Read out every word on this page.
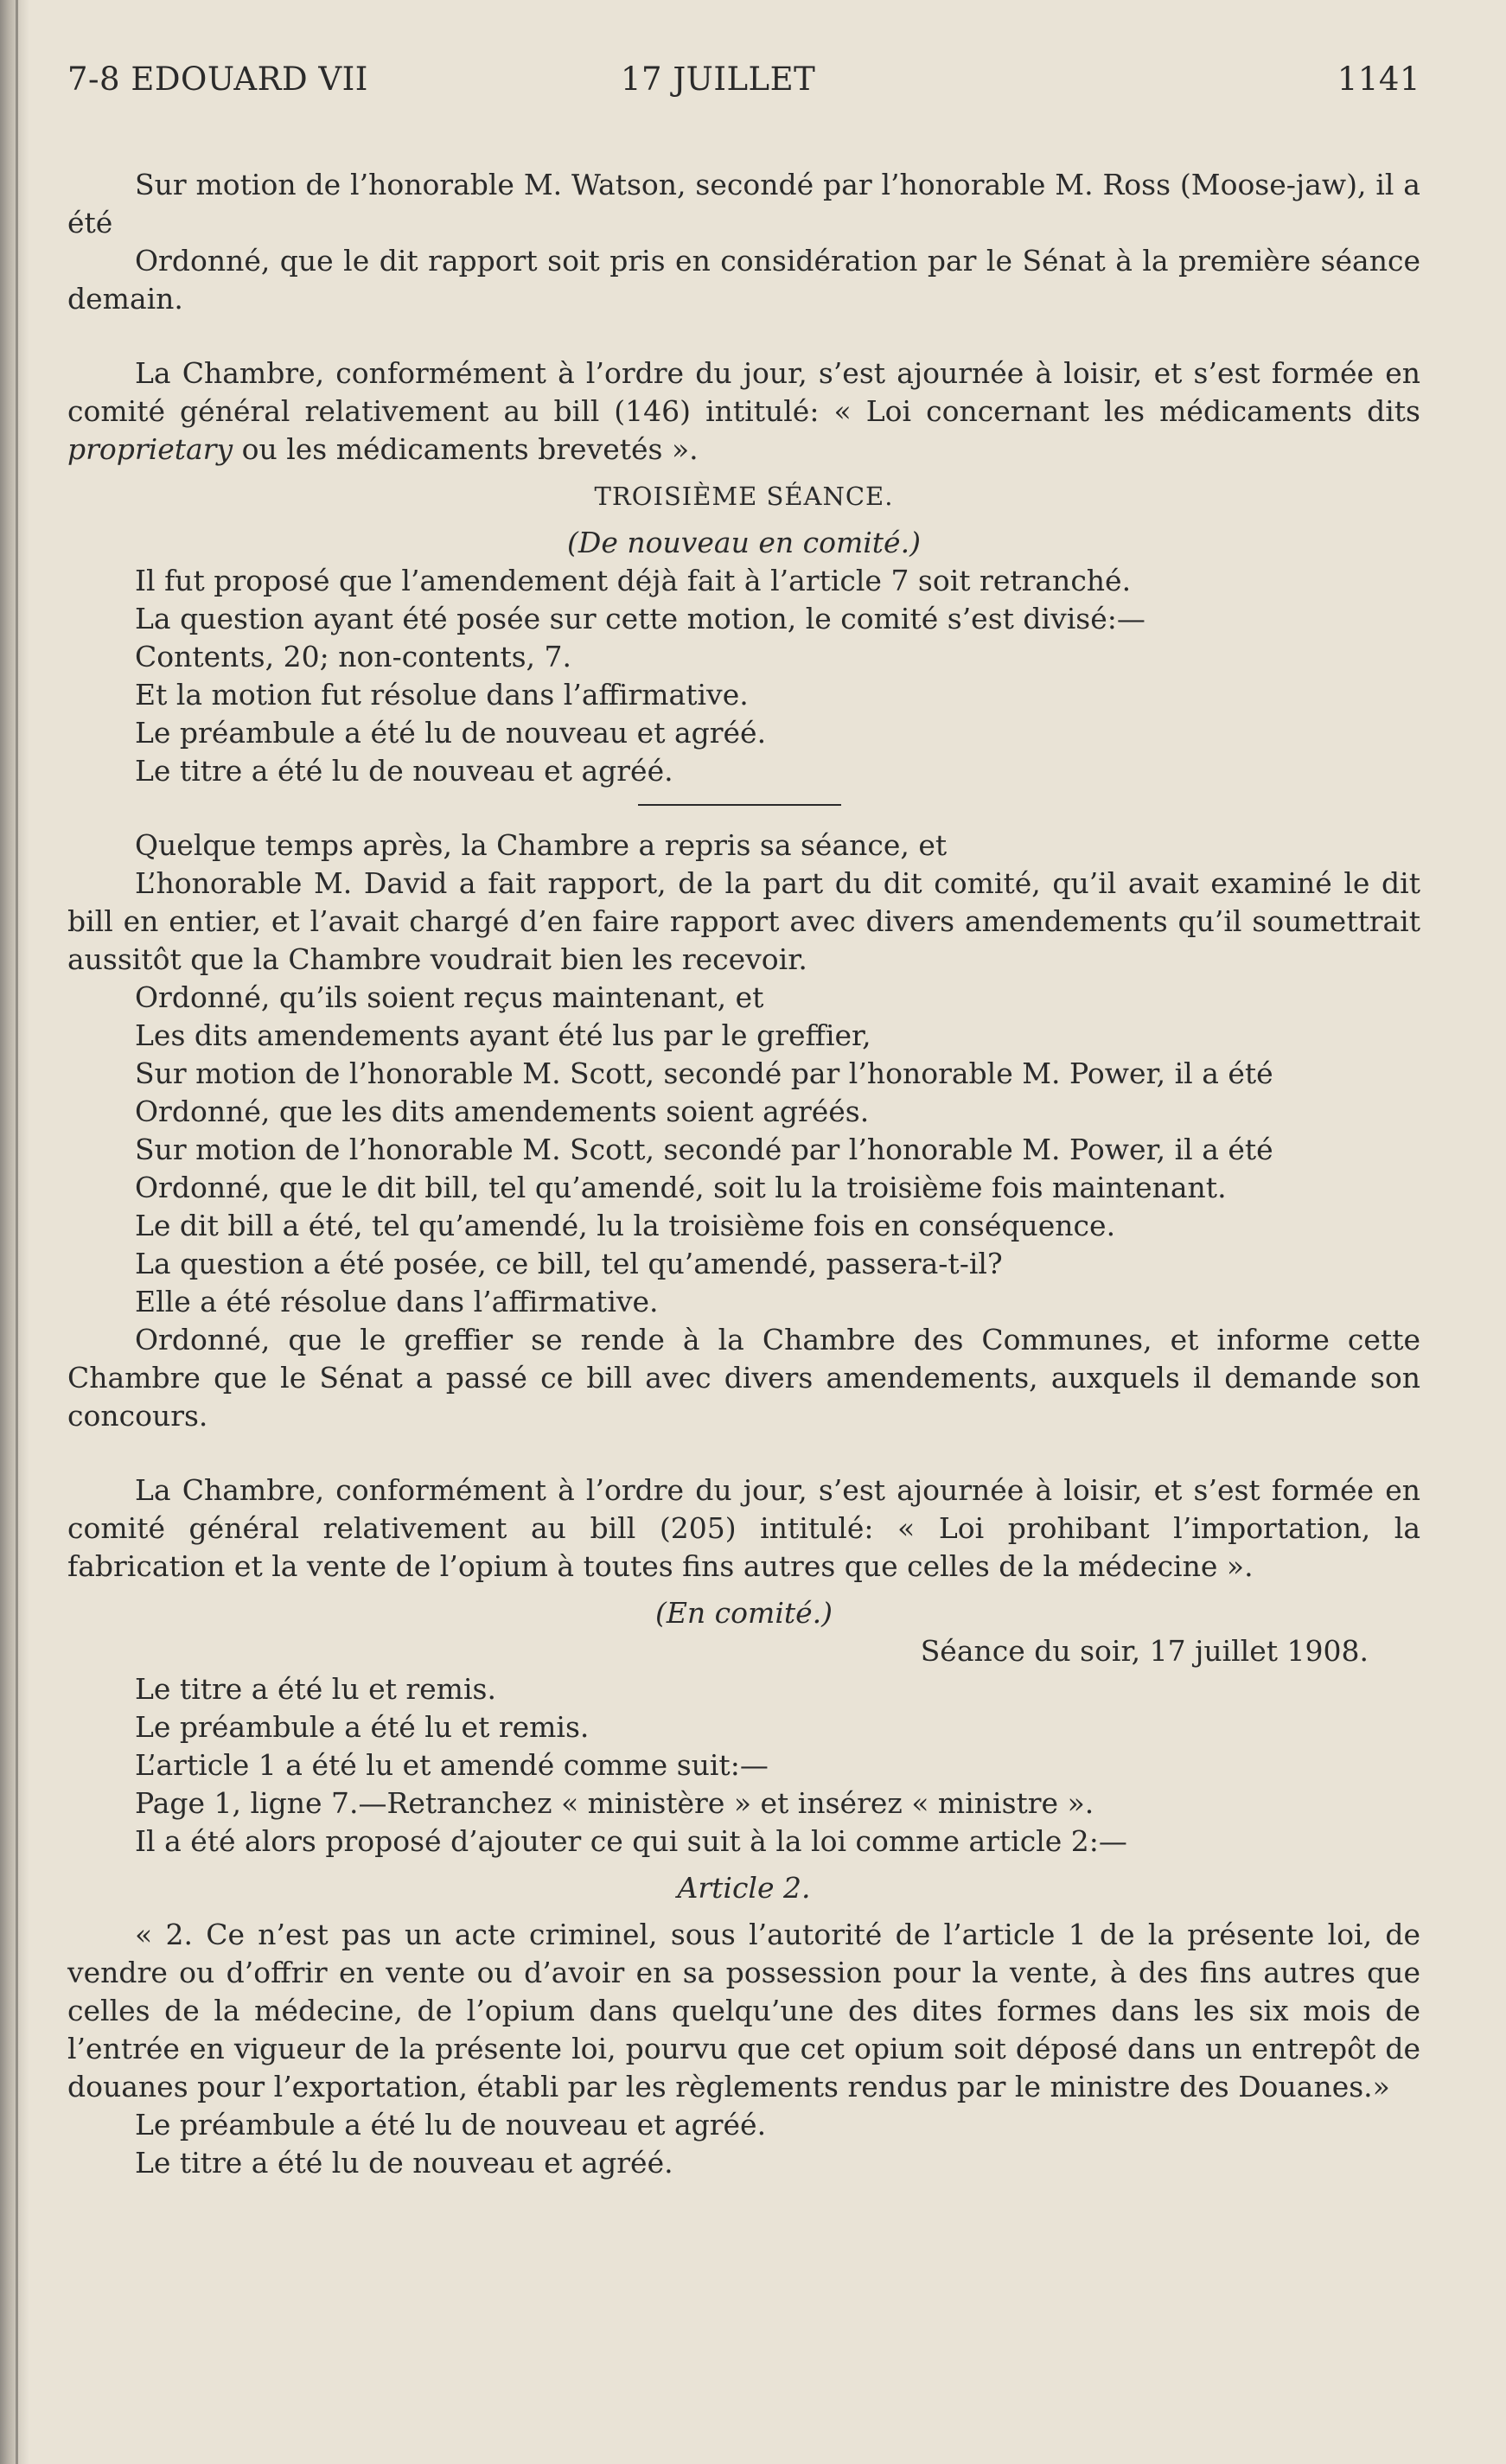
7-8 EDOUARD VII	17 JUILLET	1141

Sur motion de l’honorable M. Watson, secondé par l’honorable M. Ross (Moose-jaw), il a été

Ordonné, que le dit rapport soit pris en considération par le Sénat à la première séance demain.

La Chambre, conformément à l’ordre du jour, s’est ajournée à loisir, et s’est formée en comité général relativement au bill (146) intitulé: « Loi concernant les médicaments dits proprietary ou les médicaments brevetés ».

TROISIÈME SÉANCE.

(De nouveau en comité.)

Il fut proposé que l’amendement déjà fait à l’article 7 soit retranché.

La question ayant été posée sur cette motion, le comité s’est divisé:—

Contents, 20; non-contents, 7.

Et la motion fut résolue dans l’affirmative.

Le préambule a été lu de nouveau et agréé.

Le titre a été lu de nouveau et agréé.

Quelque temps après, la Chambre a repris sa séance, et

L’honorable M. David a fait rapport, de la part du dit comité, qu’il avait examiné le dit bill en entier, et l’avait chargé d’en faire rapport avec divers amendements qu’il soumettrait aussitôt que la Chambre voudrait bien les recevoir.

Ordonné, qu’ils soient reçus maintenant, et

Les dits amendements ayant été lus par le greffier,

Sur motion de l’honorable M. Scott, secondé par l’honorable M. Power, il a été

Ordonné, que les dits amendements soient agréés.

Sur motion de l’honorable M. Scott, secondé par l’honorable M. Power, il a été

Ordonné, que le dit bill, tel qu’amendé, soit lu la troisième fois maintenant.

Le dit bill a été, tel qu’amendé, lu la troisième fois en conséquence.

La question a été posée, ce bill, tel qu’amendé, passera-t-il?

Elle a été résolue dans l’affirmative.

Ordonné, que le greffier se rende à la Chambre des Communes, et informe cette Chambre que le Sénat a passé ce bill avec divers amendements, auxquels il demande son concours.

La Chambre, conformément à l’ordre du jour, s’est ajournée à loisir, et s’est formée en comité général relativement au bill (205) intitulé: « Loi prohibant l’importation, la fabrication et la vente de l’opium à toutes fins autres que celles de la médecine ».

(En comité.)

Séance du soir, 17 juillet 1908.

Le titre a été lu et remis.

Le préambule a été lu et remis.

L’article 1 a été lu et amendé comme suit:—

Page 1, ligne 7.—Retranchez « ministère » et insérez « ministre ».

Il a été alors proposé d’ajouter ce qui suit à la loi comme article 2:—

Article 2.

« 2. Ce n’est pas un acte criminel, sous l’autorité de l’article 1 de la présente loi, de vendre ou d’offrir en vente ou d’avoir en sa possession pour la vente, à des fins autres que celles de la médecine, de l’opium dans quelqu’une des dites formes dans les six mois de l’entrée en vigueur de la présente loi, pourvu que cet opium soit déposé dans un entrepôt de douanes pour l’exportation, établi par les règlements rendus par le ministre des Douanes.»

Le préambule a été lu de nouveau et agréé.

Le titre a été lu de nouveau et agréé.
